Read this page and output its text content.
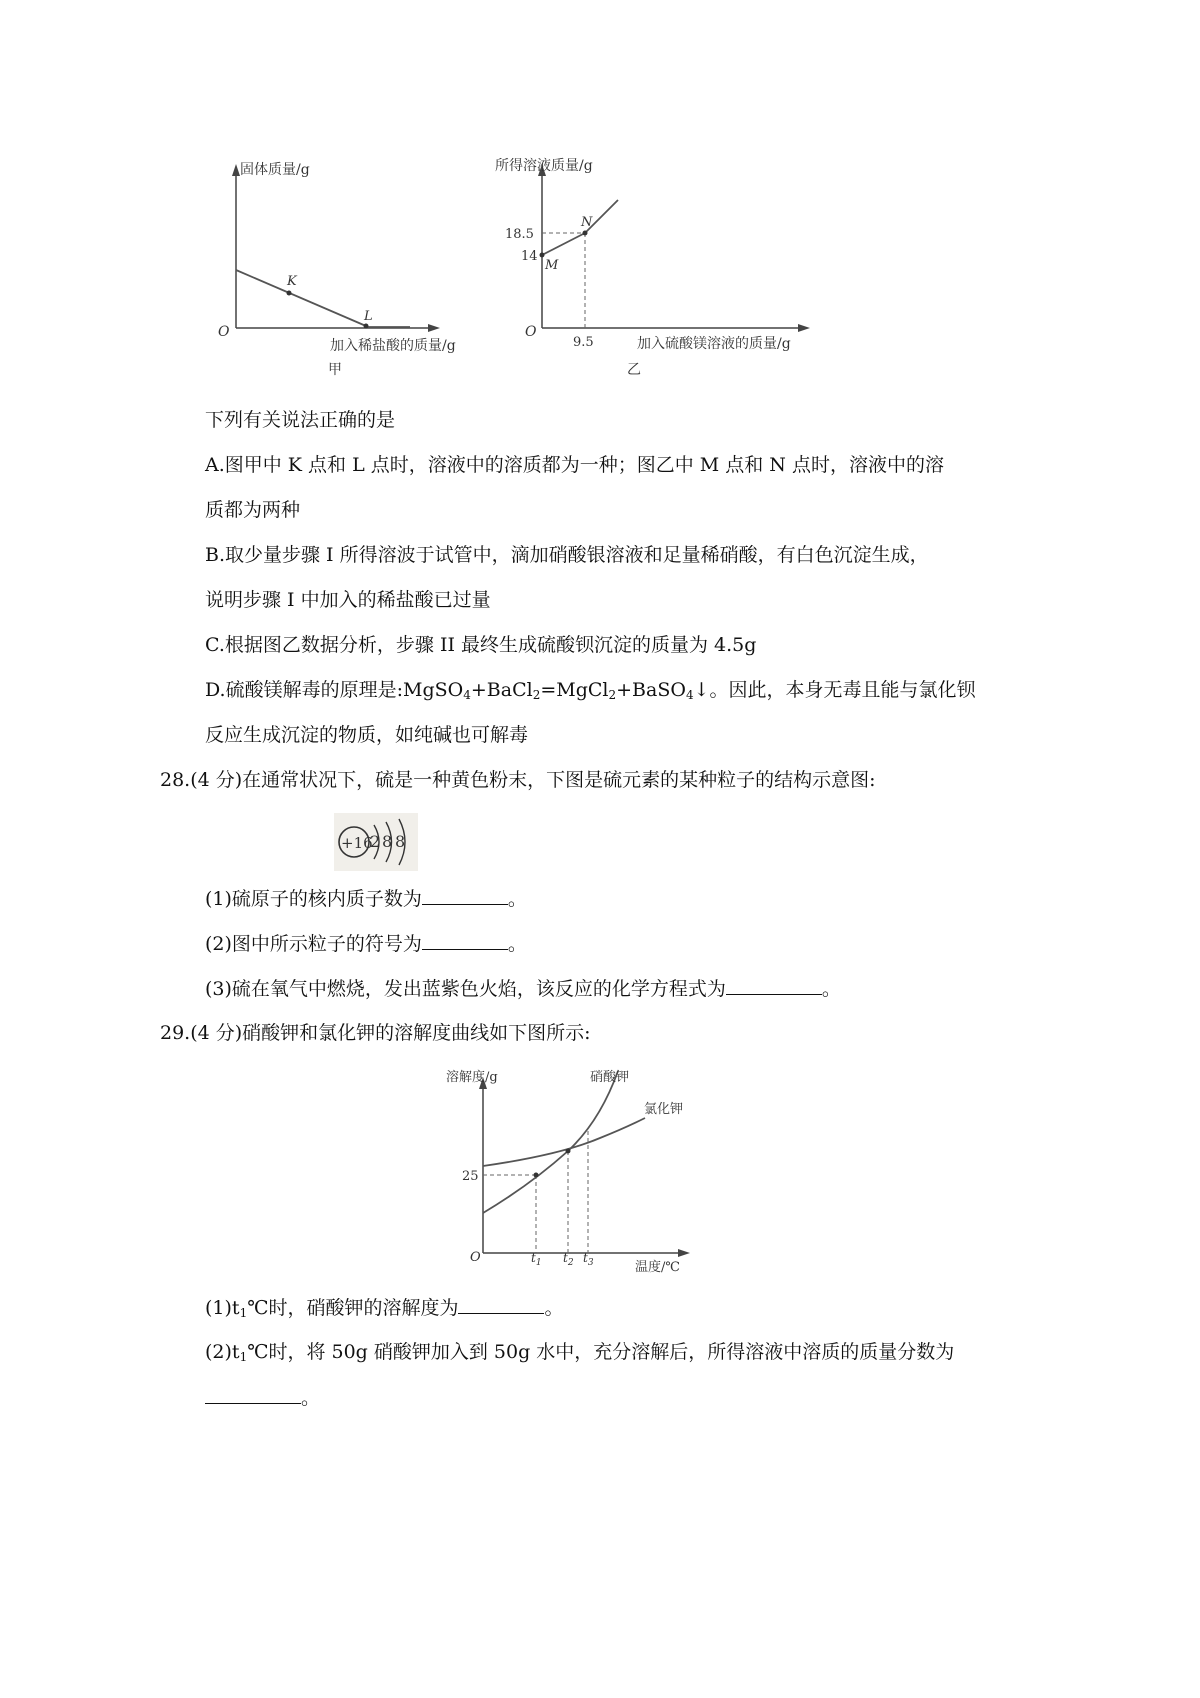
固体质量/g
K
L
O
加入稀盐酸的质量/g
甲
所得溶液质量/g
N
M
18.5
14
O
9.5	加入硫酸镁溶液的质量/g
乙
下列有关说法正确的是
A.图甲中 K 点和 L 点时，溶液中的溶质都为一种；图乙中 M 点和 N 点时，溶液中的溶
质都为两种
B.取少量步骤 I 所得溶波于试管中，滴加硝酸银溶液和足量稀硝酸，有白色沉淀生成，
说明步骤 I 中加入的稀盐酸已过量
C.根据图乙数据分析，步骤 II 最终生成硫酸钡沉淀的质量为 4.5g
D.硫酸镁解毒的原理是:MgSO$_4$+BaCl$_2$=MgCl$_2$+BaSO$_4$↓。因此，本身无毒且能与氯化钡
反应生成沉淀的物质，如纯碱也可解毒
28.(4 分)在通常状况下，硫是一种黄色粉末，下图是硫元素的某种粒子的结构示意图:
+16
2 8 8
(1)硫原子的核内质子数为	。
(2)图中所示粒子的符号为	。
(3)硫在氧气中燃烧，发出蓝紫色火焰，该反应的化学方程式为	。
29.(4 分)硝酸钾和氯化钾的溶解度曲线如下图所示:
溶解度/g	硝酸钾
氯化钾
25
O	$t_1$ $t_2$ $t_3$	温度/℃
$(1)t_1℃$时，硝酸钾的溶解度为	。
$(2)t_1℃$时，将 50g 硝酸钾加入到 50g 水中，充分溶解后，所得溶液中溶质的质量分数为
。
